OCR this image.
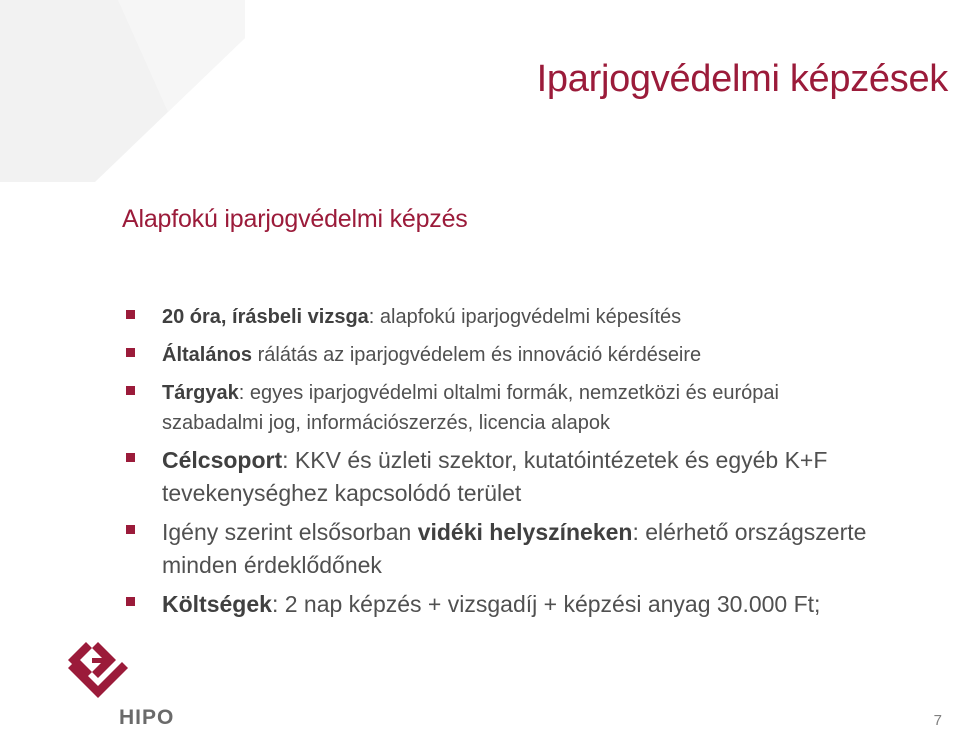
Iparjogvédelmi képzések
Alapfokú iparjogvédelmi képzés
20 óra, írásbeli vizsga: alapfokú iparjogvédelmi képesítés
Általános rálátás az iparjogvédelem és innováció kérdéseire
Tárgyak: egyes iparjogvédelmi oltalmi formák, nemzetközi és európai
szabadalmi jog, információszerzés, licencia alapok
Célcsoport: KKV és üzleti szektor, kutatóintézetek és egyéb K+F
tevekenységhez kapcsolódó terület
Igény szerint elsősorban vidéki helyszíneken: elérhető országszerte
minden érdeklődőnek
Költségek: 2 nap képzés + vizsgadíj + képzési anyag 30.000 Ft;
HIPO	7
